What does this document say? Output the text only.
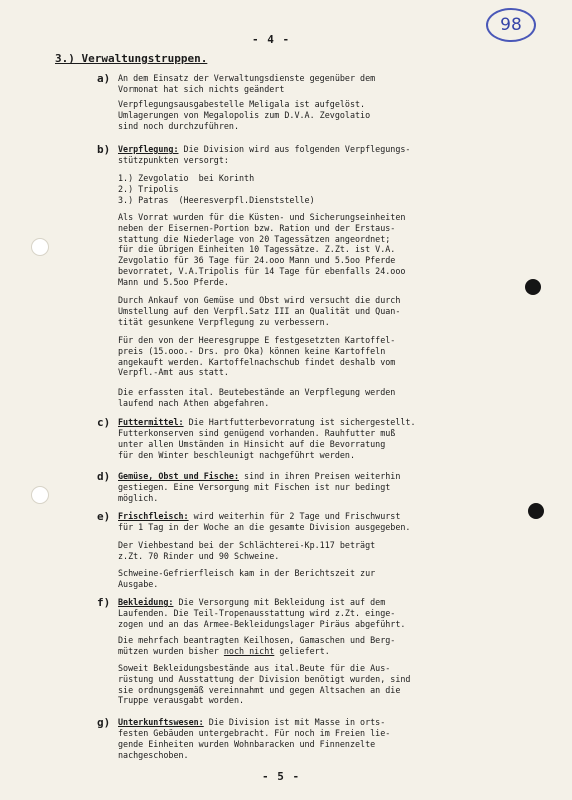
- 4 -
98
3.) Verwaltungstruppen.
a) An dem Einsatz der Verwaltungsdienste gegenüber dem
Vormonat hat sich nichts geändert
Verpflegungsausgabestelle Meligala ist aufgelöst.
Umlagerungen von Megalopolis zum D.V.A. Zevgolatio
sind noch durchzuführen.
b) Verpflegung: Die Division wird aus folgenden Verpflegungs-
stützpunkten versorgt:
1.) Zevgolatio  bei Korinth
2.) Tripolis
3.) Patras  (Heeresverpfl.Dienststelle)
Als Vorrat wurden für die Küsten- und Sicherungseinheiten
neben der Eisernen-Portion bzw. Ration und der Erstaus-
stattung die Niederlage von 20 Tagessätzen angeordnet;
für die übrigen Einheiten 10 Tagessätze. Z.Zt. ist V.A.
Zevgolatio für 36 Tage für 24.ooo Mann und 5.5oo Pferde
bevorratet, V.A.Tripolis für 14 Tage für ebenfalls 24.ooo
Mann und 5.5oo Pferde.
Durch Ankauf von Gemüse und Obst wird versucht die durch
Umstellung auf den Verpfl.Satz III an Qualität und Quan-
tität gesunkene Verpflegung zu verbessern.
Für den von der Heeresgruppe E festgesetzten Kartoffel-
preis (15.ooo.- Drs. pro Oka) können keine Kartoffeln
angekauft werden. Kartoffelnachschub findet deshalb vom
Verpfl.-Amt aus statt.
Die erfassten ital. Beutebestände an Verpflegung werden
laufend nach Athen abgefahren.
c) Futtermittel: Die Hartfutterbevorratung ist sichergestellt.
Futterkonserven sind genügend vorhanden. Rauhfutter muß
unter allen Umständen in Hinsicht auf die Bevorratung
für den Winter beschleunigt nachgeführt werden.
d) Gemüse, Obst und Fische: sind in ihren Preisen weiterhin
gestiegen. Eine Versorgung mit Fischen ist nur bedingt
möglich.
e) Frischfleisch: wird weiterhin für 2 Tage und Frischwurst
für 1 Tag in der Woche an die gesamte Division ausgegeben.
Der Viehbestand bei der Schlächterei-Kp.117 beträgt
z.Zt. 70 Rinder und 90 Schweine.
Schweine-Gefrierfleisch kam in der Berichtszeit zur
Ausgabe.
f) Bekleidung: Die Versorgung mit Bekleidung ist auf dem
Laufenden. Die Teil-Tropenausstattung wird z.Zt. einge-
zogen und an das Armee-Bekleidungslager Piräus abgeführt.
Die mehrfach beantragten Keilhosen, Gamaschen und Berg-
mützen wurden bisher noch nicht geliefert.
Soweit Bekleidungsbestände aus ital.Beute für die Aus-
rüstung und Ausstattung der Division benötigt wurden, sind
sie ordnungsgemäß vereinnahmt und gegen Altsachen an die
Truppe verausgabt worden.
g) Unterkunftswesen: Die Division ist mit Masse in orts-
festen Gebäuden untergebracht. Für noch im Freien lie-
gende Einheiten wurden Wohnbaracken und Finnenzelte
nachgeschoben.
- 5 -
